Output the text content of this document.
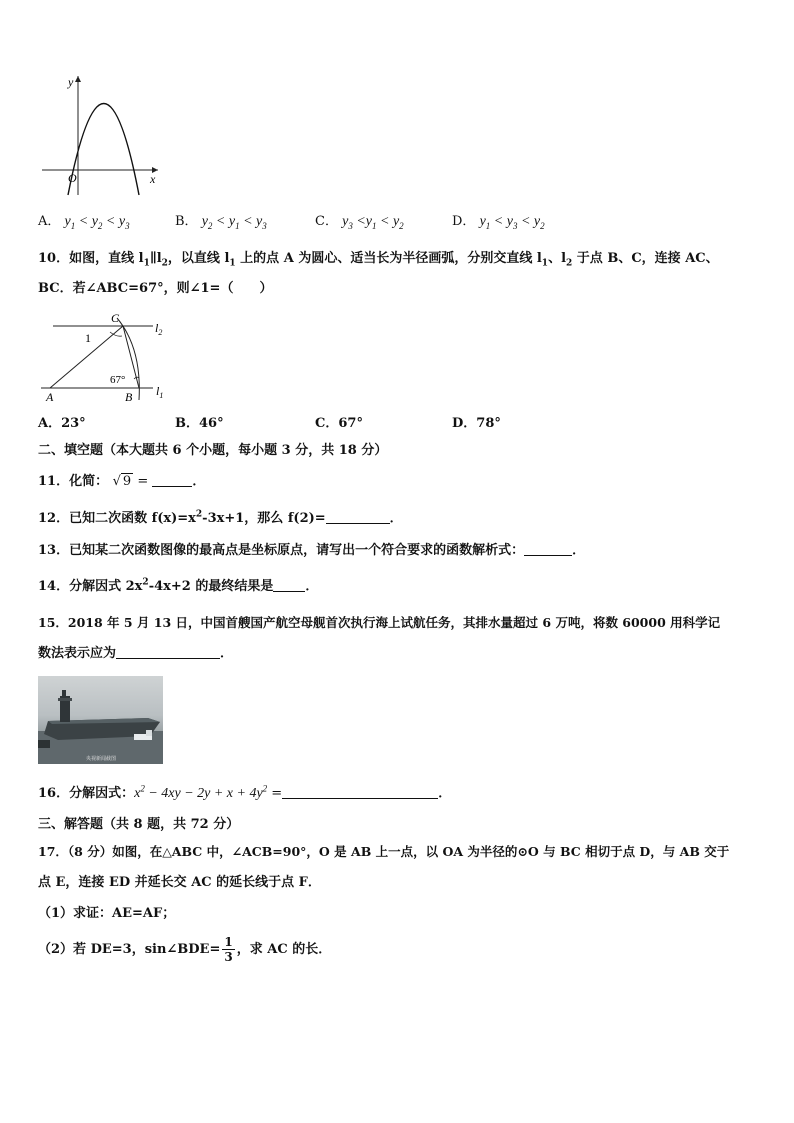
y
x
O
A． $y_1 < y_2 < y_3$	B． $y_2 < y_1 < y_3$	C． $y_3 <y_1 < y_2$	D． $y_1 < y_3 < y_2$
10．如图，直线 $l_1\parallel l_2$，以直线 $l_1$ 上的点 A 为圆心、适当长为半径画弧，分别交直线 $l_1$、$l_2$ 于点 B、C，连接 AC、
BC．若∠ABC=67°，则∠1=（　　）
C
$l_2$
1
67°
A	B $l_1$
A．23°	B．46°	C．67°	D．78°
二、填空题（本大题共 6 个小题，每小题 3 分，共 18 分）
11．化简： √ 9 =	．
12．已知二次函数 $f(x)=x^2-3x+1$，那么 f(2)=	．
13．已知某二次函数图像的最高点是坐标原点，请写出一个符合要求的函数解析式：	．
14．分解因式 $2x^2-4x+2$ 的最终结果是 ．
15．2018 年 5 月 13 日，中国首艘国产航空母舰首次执行海上试航任务，其排水量超过 6 万吨，将数 60000 用科学记
数法表示应为	．
央视新闻截图
16．分解因式：$x^2 - 4xy - 2y + x + 4y^2$ =	．
三、解答题（共 8 题，共 72 分）
17．（8 分）如图，在△ABC 中，∠ACB=90°，O 是 AB 上一点，以 OA 为半径的⊙O 与 BC 相切于点 D，与 AB 交于
点 E，连接 ED 并延长交 AC 的延长线于点 F．
（1）求证：AE=AF；
（2）若 DE=3，sin∠BDE= $\frac{1}{3}$ ，求 AC 的长．
